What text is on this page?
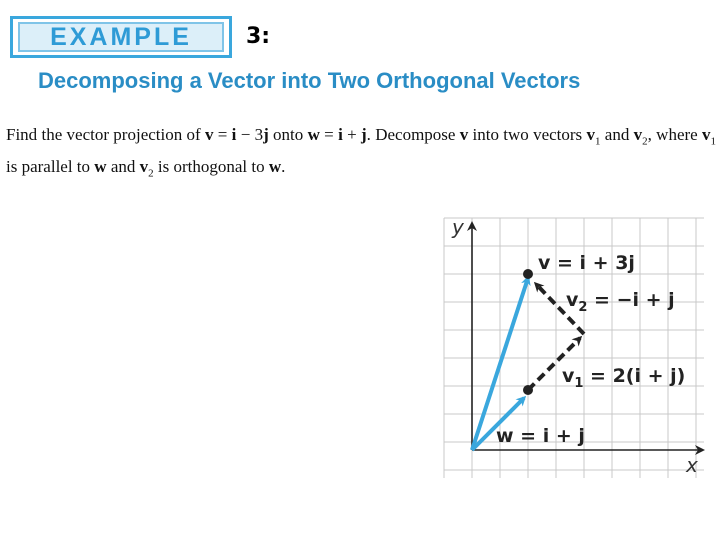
EXAMPLE	3:
Decomposing a Vector into Two Orthogonal Vectors
Find the vector projection of v = i − 3j onto w = i + j. Decompose v into two vectors $v_1$ and $v_2$, where $v_1$ is parallel to w and $v_2$ is orthogonal to w.
y
x
v = i + 3j
$v_2 = -i + j$
$v_1 = 2(i + j)$
w = i + j
